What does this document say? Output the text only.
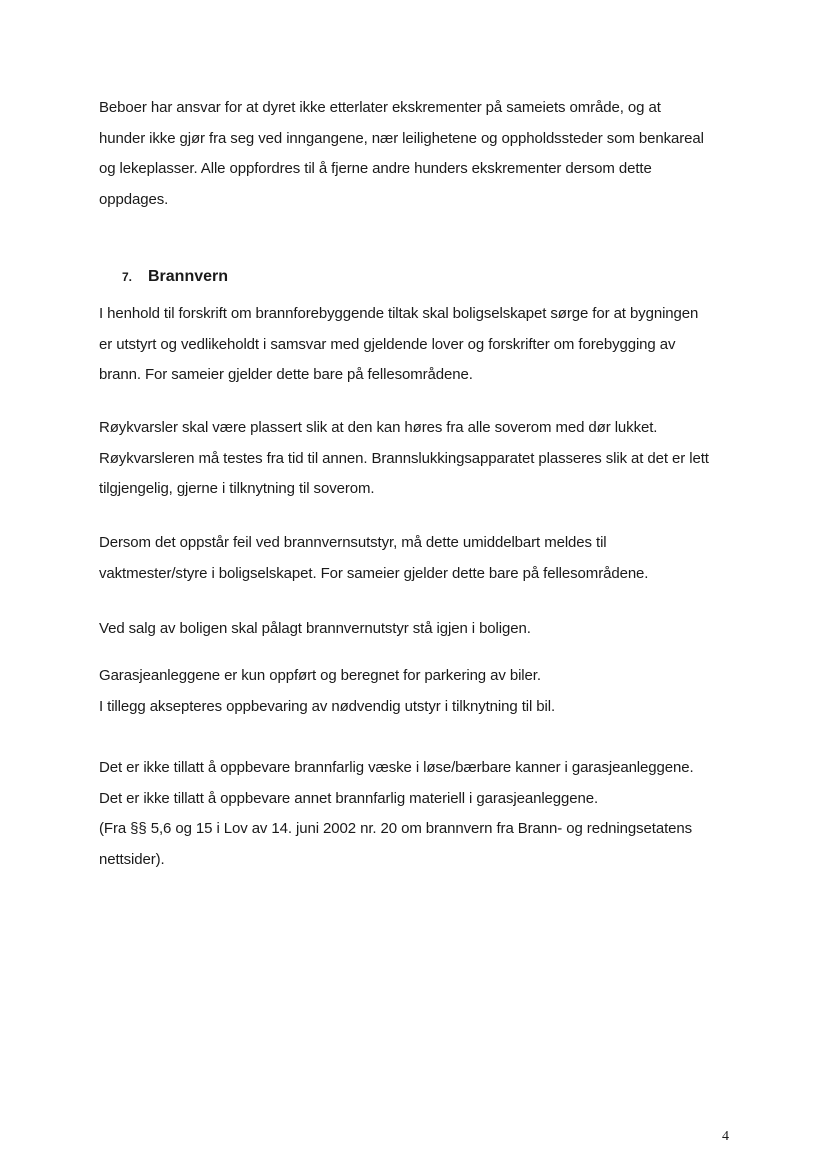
Beboer har ansvar for at dyret ikke etterlater ekskrementer på sameiets område, og at
hunder ikke gjør fra seg ved inngangene, nær leilighetene og oppholdssteder som benkareal
og lekeplasser. Alle oppfordres til å fjerne andre hunders ekskrementer dersom dette
oppdages.

7. Brannvern

I henhold til forskrift om brannforebyggende tiltak skal boligselskapet sørge for at bygningen
er utstyrt og vedlikeholdt i samsvar med gjeldende lover og forskrifter om forebygging av
brann. For sameier gjelder dette bare på fellesområdene.

Røykvarsler skal være plassert slik at den kan høres fra alle soverom med dør lukket.
Røykvarsleren må testes fra tid til annen. Brannslukkingsapparatet plasseres slik at det er lett
tilgjengelig, gjerne i tilknytning til soverom.

Dersom det oppstår feil ved brannvernsutstyr, må dette umiddelbart meldes til
vaktmester/styre i boligselskapet. For sameier gjelder dette bare på fellesområdene.

Ved salg av boligen skal pålagt brannvernutstyr stå igjen i boligen.

Garasjeanleggene er kun oppført og beregnet for parkering av biler.
I tillegg aksepteres oppbevaring av nødvendig utstyr i tilknytning til bil.

Det er ikke tillatt å oppbevare brannfarlig væske i løse/bærbare kanner i garasjeanleggene.
Det er ikke tillatt å oppbevare annet brannfarlig materiell i garasjeanleggene.
(Fra §§ 5,6 og 15 i Lov av 14. juni 2002 nr. 20 om brannvern fra Brann- og redningsetatens
nettsider).

4
